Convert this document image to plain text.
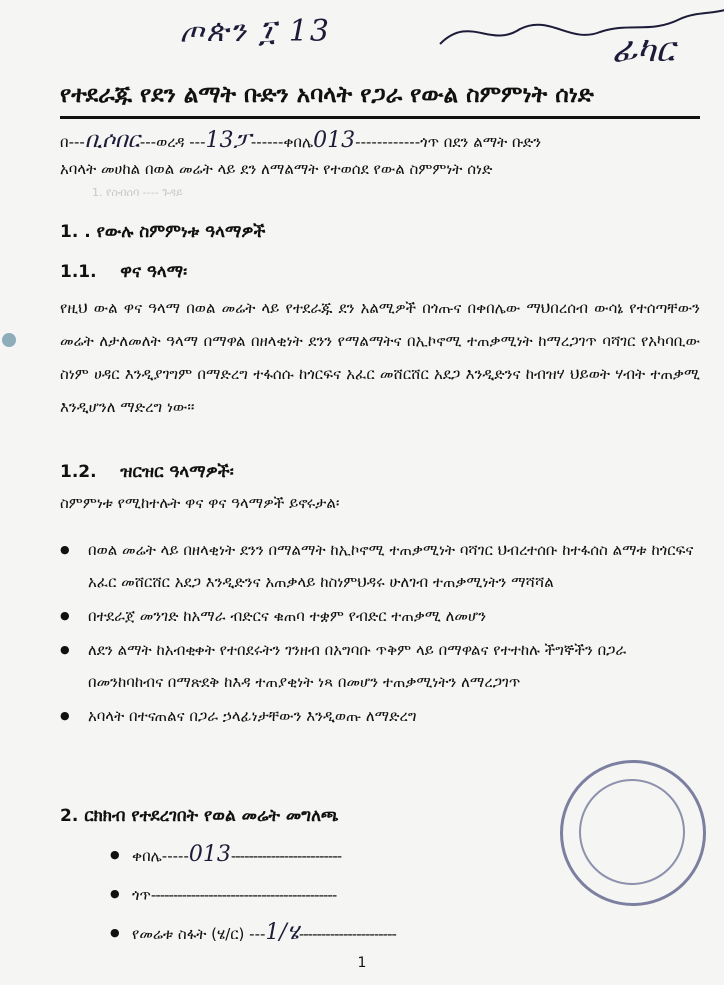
ጦጵን ፲ 13	ፊካር
የተደራጁ የደን ልማት ቡድን አባላት የጋራ የውል ስምምነት ሰነድ
በ---ቢሶበር---ወረዳ ---13ፓ------ቀበሌ013------------ጎጥ በደን ልማት ቡድን
አባላት መሀከል በወል መሬት ላይ ደን ለማልማት የተወሰደ የውል ስምምነት ሰነድ
1. የስብሰባ ---- ጉዳይ
1. . የውሉ ስምምነቱ ዓላማዎች
1.1. ዋና ዓላማ፡
የዚህ ውል ዋና ዓላማ በወል መሬት ላይ የተደራጁ ደን አልሚዎች በጎጡና በቀበሌው ማህበረሰብ ውሳኔ የተሰጣቸውን መሬት ለታለመለት ዓላማ በማዋል በዘላቂነት ደንን የማልማትና በኢኮኖሚ ተጠቃሚነት ከማረጋገጥ ባሻገር የአካባቢው ስነም ሀዳር እንዲያገግም በማድረግ ተፋሰሱ ከጎርፍና አፈር መሸርሸር አደጋ እንዲድንና ከብዝሃ ህይወት ሃብት ተጠቃሚ እንዲሆንለ ማድረግ ነው፡፡
1.2. ዝርዝር ዓላማዎች፡
ስምምነቱ የሚከተሉት ዋና ዋና ዓላማዎች ይኖሩታል፡
● በወል መሬት ላይ በዘላቂነት ደንን በማልማት ከኢኮኖሚ ተጠቃሚነት ባሻገር ህብረተሰቡ ከተፋሰስ ልማቱ ከጎርፍና አፈር መሸርሸር አደጋ እንዲድንና አጠቃላይ ከስነምህዳሩ ሁለገብ ተጠቃሚነትን ማሻሻል
● በተደራጀ መንገድ ከአማራ ብድርና ቁጠባ ተቋም የብድር ተጠቃሚ ለመሆን
● ለደን ልማት ከአብቂቀት የተበደሩትን ገንዘብ በአግባቡ ጥቅም ላይ በማዋልና የተተከሉ ችግኞችን በጋራ በመንከባከብና በማጽደቅ ከእዳ ተጠያቂነት ነጻ በመሆን ተጠቃሚነትን ለማረጋገጥ
● አባላት በተናጠልና በጋራ ኃላፊነታቸውን እንዲወጡ ለማድረግ
2. ርክክብ የተደረገበት የወል መሬት መግለጫ
● ቀበሌ-----013-------------------------
● ጎጥ------------------------------------------
● የመሬቱ ስፋት (ሄ/ር) ---1/ሄ----------------------
1
